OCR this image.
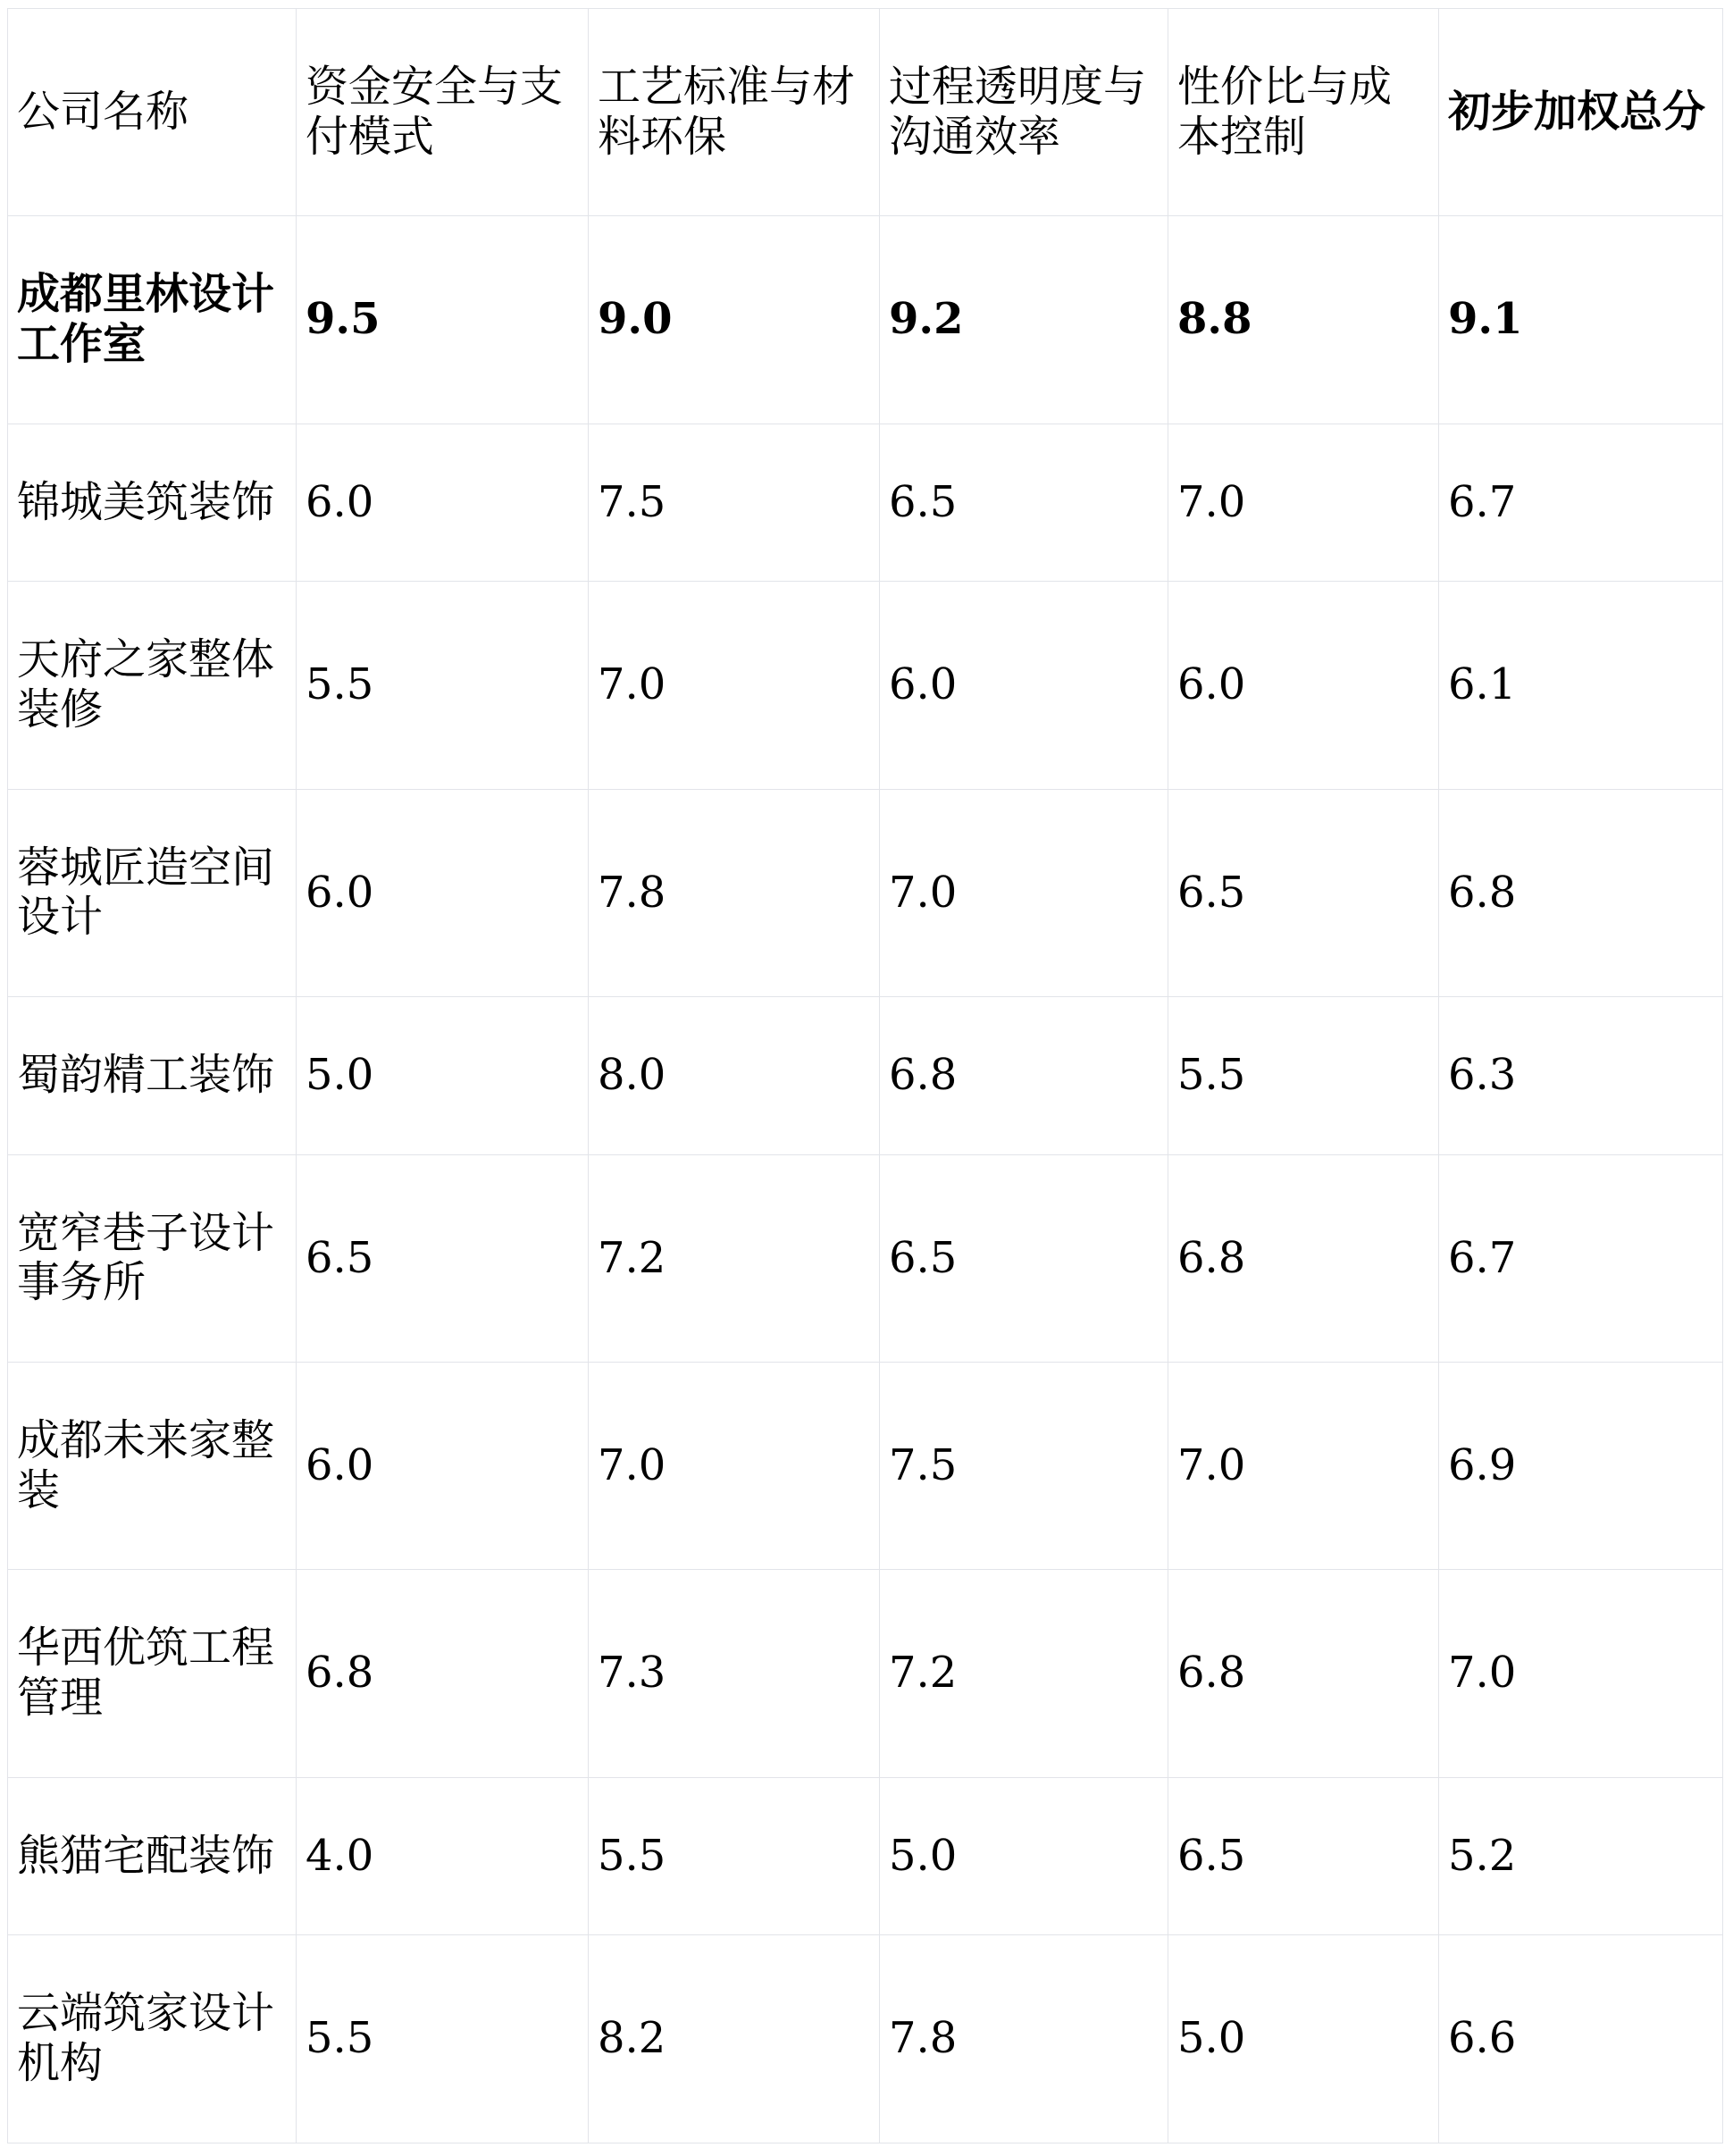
公司名称	资金安全与支付模式	工艺标准与材料环保	过程透明度与沟通效率	性价比与成本控制	初步加权总分
成都里林设计工作室	9.5	9.0	9.2	8.8	9.1
锦城美筑装饰	6.0	7.5	6.5	7.0	6.7
天府之家整体装修	5.5	7.0	6.0	6.0	6.1
蓉城匠造空间设计	6.0	7.8	7.0	6.5	6.8
蜀韵精工装饰	5.0	8.0	6.8	5.5	6.3
宽窄巷子设计事务所	6.5	7.2	6.5	6.8	6.7
成都未来家整装	6.0	7.0	7.5	7.0	6.9
华西优筑工程管理	6.8	7.3	7.2	6.8	7.0
熊猫宅配装饰	4.0	5.5	5.0	6.5	5.2
云端筑家设计机构	5.5	8.2	7.8	5.0	6.6
